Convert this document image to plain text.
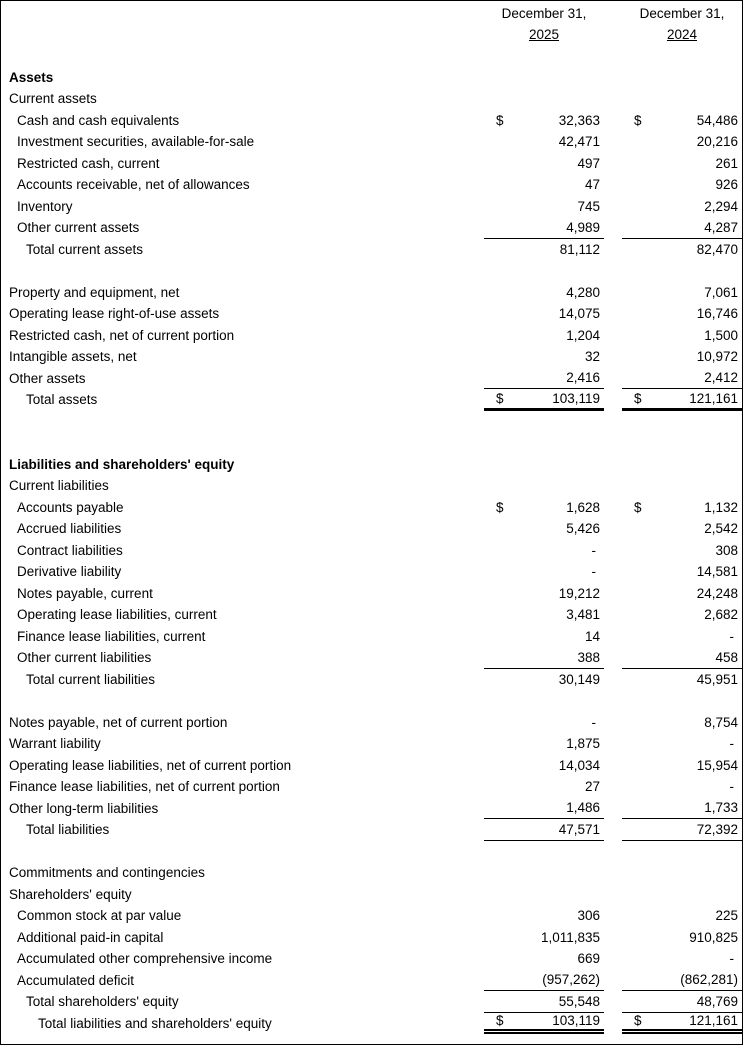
December 31,
2025
December 31,
2024
Assets
Current assets
Cash and cash equivalents	$	32,363	$	54,486
Investment securities, available-for-sale	42,471	20,216
Restricted cash, current	497	261
Accounts receivable, net of allowances	47	926
Inventory	745	2,294
Other current assets	4,989	4,287
Total current assets	81,112	82,470
Property and equipment, net	4,280	7,061
Operating lease right-of-use assets	14,075	16,746
Restricted cash, net of current portion	1,204	1,500
Intangible assets, net	32	10,972
Other assets	2,416	2,412
Total assets	$	103,119	$	121,161
Liabilities and shareholders' equity
Current liabilities
Accounts payable	$	1,628	$	1,132
Accrued liabilities	5,426	2,542
Contract liabilities	-	308
Derivative liability	-	14,581
Notes payable, current	19,212	24,248
Operating lease liabilities, current	3,481	2,682
Finance lease liabilities, current	14	-
Other current liabilities	388	458
Total current liabilities	30,149	45,951
Notes payable, net of current portion	-	8,754
Warrant liability	1,875	-
Operating lease liabilities, net of current portion	14,034	15,954
Finance lease liabilities, net of current portion	27	-
Other long-term liabilities	1,486	1,733
Total liabilities	47,571	72,392
Commitments and contingencies
Shareholders' equity
Common stock at par value	306	225
Additional paid-in capital	1,011,835	910,825
Accumulated other comprehensive income	669	-
Accumulated deficit	(957,262)	(862,281)
Total shareholders' equity	55,548	48,769
Total liabilities and shareholders' equity	$	103,119	$	121,161
